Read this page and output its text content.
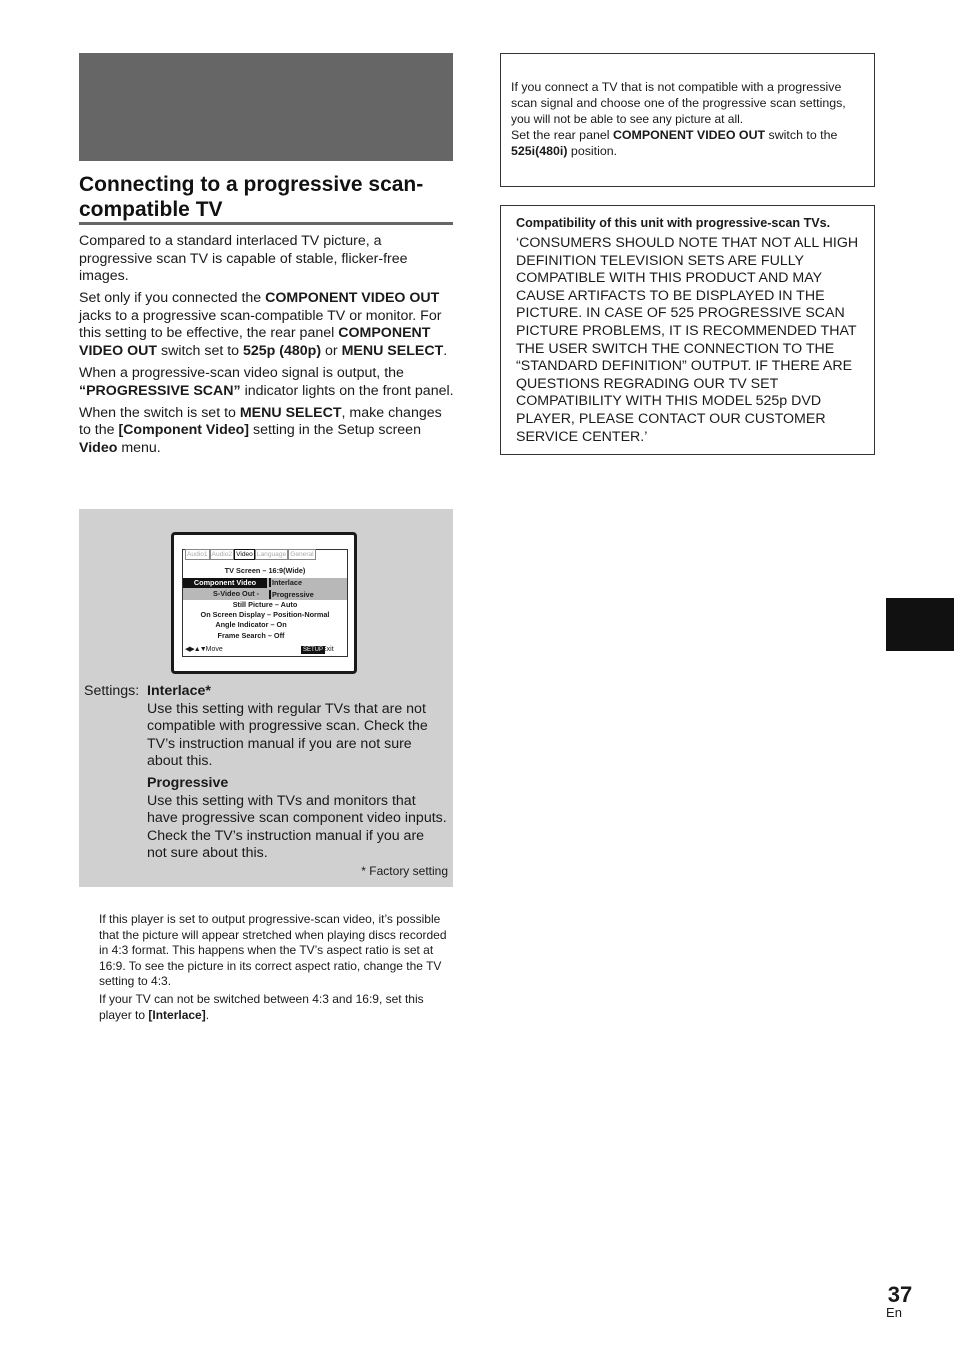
Connecting to a progressive scan-compatible TV

Compared to a standard interlaced TV picture, a progressive scan TV is capable of stable, flicker-free images.

Set only if you connected the COMPONENT VIDEO OUT jacks to a progressive scan-compatible TV or monitor. For this setting to be effective, the rear panel COMPONENT VIDEO OUT switch set to 525p (480p) or MENU SELECT.

When a progressive-scan video signal is output, the “PROGRESSIVE SCAN” indicator lights on the front panel.

When the switch is set to MENU SELECT, make changes to the [Component Video] setting in the Setup screen Video menu.

Audio1 Audio2 Video Language General
TV Screen – 16:9(Wide)
Component Video	Interlace
S-Video Out -	Progressive
Still Picture – Auto
On Screen Display – Position-Normal
Angle Indicator – On
Frame Search – Off
◀▶▲▼Move	SETUP
Exit
Settings: Interlace*

Use this setting with regular TVs that are not compatible with progressive scan. Check the TV’s instruction manual if you are not sure about this.

Progressive

Use this setting with TVs and monitors that have progressive scan component video inputs. Check the TV’s instruction manual if you are not sure about this.

* Factory setting

If this player is set to output progressive-scan video, it’s possible that the picture will appear stretched when playing discs recorded in 4:3 format. This happens when the TV’s aspect ratio is set at 16:9. To see the picture in its correct aspect ratio, change the TV setting to 4:3.

If your TV can not be switched between 4:3 and 16:9, set this player to [Interlace].

If you connect a TV that is not compatible with a progressive scan signal and choose one of the progressive scan settings, you will not be able to see any picture at all.

Set the rear panel COMPONENT VIDEO OUT switch to the 525i(480i) position.

Compatibility of this unit with progressive-scan TVs.
‘CONSUMERS SHOULD NOTE THAT NOT ALL HIGH DEFINITION TELEVISION SETS ARE FULLY COMPATIBLE WITH THIS PRODUCT AND MAY CAUSE ARTIFACTS TO BE DISPLAYED IN THE PICTURE. IN CASE OF 525 PROGRESSIVE SCAN PICTURE PROBLEMS, IT IS RECOMMENDED THAT THE USER SWITCH THE CONNECTION TO THE “STANDARD DEFINITION” OUTPUT. IF THERE ARE QUESTIONS REGRADING OUR TV SET COMPATIBILITY WITH THIS MODEL 525p DVD PLAYER, PLEASE CONTACT OUR CUSTOMER SERVICE CENTER.’
37
En
